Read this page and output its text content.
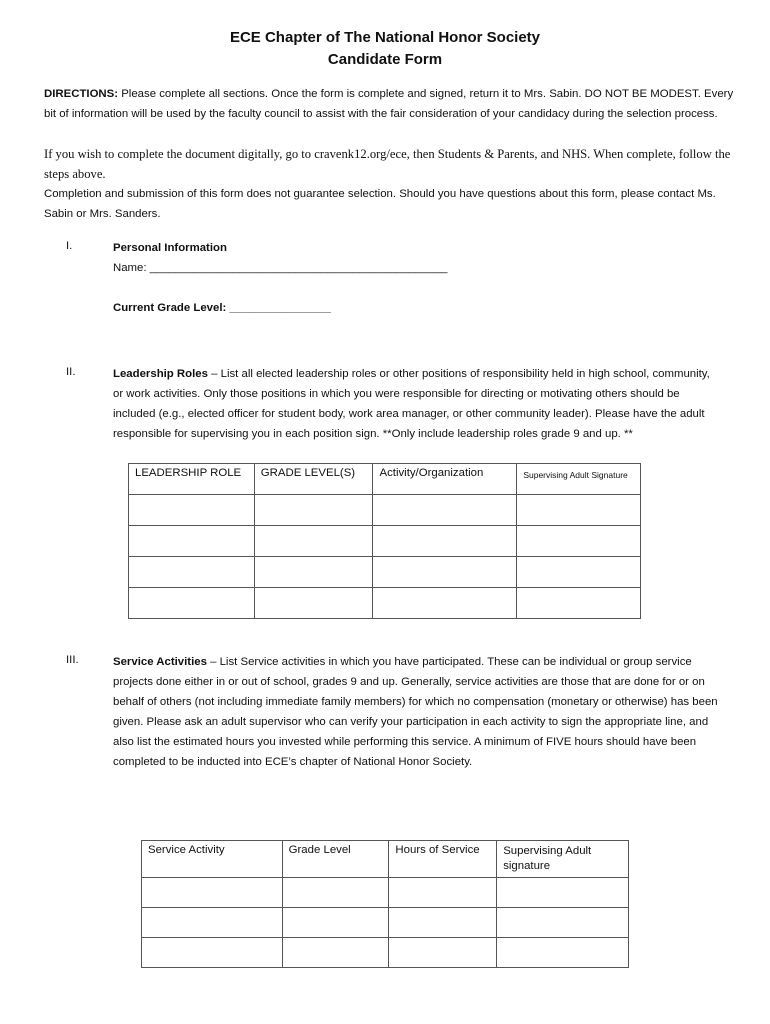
ECE Chapter of The National Honor Society
Candidate Form
DIRECTIONS: Please complete all sections. Once the form is complete and signed, return it to Mrs. Sabin. DO NOT BE MODEST. Every bit of information will be used by the faculty council to assist with the fair consideration of your candidacy during the selection process.
If you wish to complete the document digitally, go to cravenk12.org/ece, then Students & Parents, and NHS. When complete, follow the steps above.
Completion and submission of this form does not guarantee selection. Should you have questions about this form, please contact Ms. Sabin or Mrs. Sanders.
I.	Personal Information
Name: _______________________________________________
Current Grade Level: ________________
II.	Leadership Roles – List all elected leadership roles or other positions of responsibility held in high school, community, or work activities. Only those positions in which you were responsible for directing or motivating others should be included (e.g., elected officer for student body, work area manager, or other community leader). Please have the adult responsible for supervising you in each position sign. **Only include leadership roles grade 9 and up. **
LEADERSHIP ROLE	GRADE LEVEL(S)	Activity/Organization	Supervising Adult Signature

III.	Service Activities – List Service activities in which you have participated. These can be individual or group service projects done either in or out of school, grades 9 and up. Generally, service activities are those that are done for or on behalf of others (not including immediate family members) for which no compensation (monetary or otherwise) has been given. Please ask an adult supervisor who can verify your participation in each activity to sign the appropriate line, and also list the estimated hours you invested while performing this service. A minimum of FIVE hours should have been completed to be inducted into ECE’s chapter of National Honor Society.
Service Activity	Grade Level	Hours of Service	Supervising Adult signature
